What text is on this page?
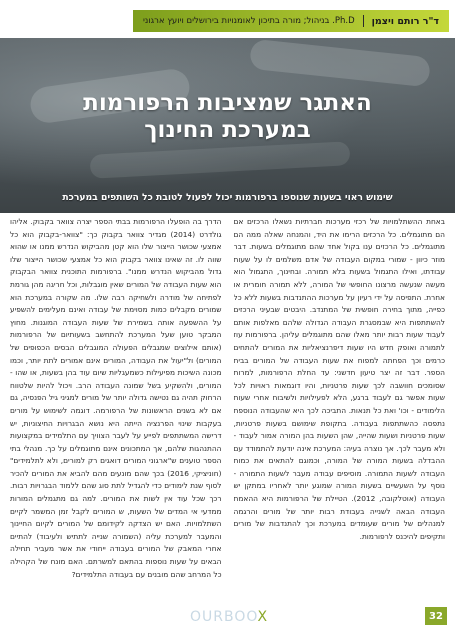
ד"ר רותם ויצמן
Ph.D. בניהול; מורה בתיכון לאומנויות בירושלים ויועץ ארגוני
האתגר שמציבות הרפורמות
במערכת החינוך
שימוש ראוי בשעות שנוספו ברפורמות יכול לפעול לטובת כל השותפים במערכת

באחת ההשתלמויות של רכזי מערכות חברתיות נשאלו הרכזים אם הם מתוגמלים. כל הרכזים הרימו את היד, והמנחה שאלה ממה הם מתוגמלים. כל הרכזים ענו בקול אחד שהם מתוגמלים בשעות. דבר מוזר כיוון - שמורי במקום העבודה של אדם משלמים לו על שעות עבודתו, ואילו התגמול בשעות בלא תמורה. ובחינוך, התגמול הוא מעשה שנעשה מרצונו החופשי של המורה, ללא תמורה חומרית או אחרת. התפיסה על ידי רעיון על מערכות ההתנדבות בשעות ללא כל כפייה, מתוך בחירה חופשית של המתנדב. היבטים שבעיני הרכזים להשתתפות היא שבמסגרת העבודה הגדולה שלהם מאלפות אותם לעבוד שעות רבות יותר מאלו שהם מתוגמלים עליהן. ברפורמות עוז לתמורה ואופק חדש היו שעות דיפרנציאליות את המורים להתחים כרמים וכך הפחתה למפוח את שעות העבודה של המורים בבית הספר. דבר זה יצר טיעון חדשני: עד החלת הרפורמות, למרות שסומכים חוושבה לכך שעות פרטניות, והיו דוגמאות ראויות לכל שעות אפשר גם לעבוד ברגע, הלא לפעילויות ולשיבוח אחרי שעות הלימודים - וכו' ואת כל תנאות. התביכה לכך היא שהעבודה הנוספת נתפסה כהשתתפות בעבודה. בתקופת שימושם בשעות פרטניות, שעות פרטניות ושעות שהייה, שהן השעות בהן המורה אמור לעבוד - ולא מעבר לכך. אך נוצרה בעיה: המערכת אינה יודעת להתמודד עם ההבדלה בשעות המורה של המורה, וכמוגם להתאים את כמות העבודה לשעות התמורה. מוסיפים עבודה מעבר לשעות התמורה - נוסף על השעשיים בשעות המורה שמוגע יותר לאחריו במתקן יש העבודה (אוטלקובה, 2012). הטיילת של הרפורמות היא ההאמת העבודה הבאה לשנייה בעבודת רבות יותר של מורים והרגמה למנהלים של מורים שעומדים במערכת וכך להתנדבות של מורים ותקיפים להיכנס לרפורמות.

הדרך בה הופעלו הרפורמות בבתי הספר יצרה צוואר בקבוק. אליהו גולדרט (2014) מגדיר צוואר בקבוק כך: "צוואר-בקבוק הוא כל אמצעי שכושר הייצור שלו הוא קטן מהביקוש הנדרש ממנו או שהוא שווה לו. זה שאינו צוואר בקבוק הוא כל אמצעי שכושר הייצור שלו גדול מהביקוש הנדרש ממנו". ברפורמות התוכנית צוואר הבקבוק הוא שעות העבודה של המורים שאין מוגבלות, וכל חריגה מהן גורמת לפתיחה של מודרה ולשחיקה רבה שלו. מה שקורה במערכת הוא שמורים מקבלים כמות מסוימת של עבודה ואינם מעלימים להשפיע על ההשפעה אותה בשמירת של שעות העבודה המוגנות. מחוץ המבקר טוען שעל המערכת להתחשב בשעותיום של הרפורמות (אותם אילוצים שמגבלים הפעולה המוגבלים הבסים הכפופים של המורים) ול"יעול את העבודה, המורים אינם אמורים לתת יותר, וכמו מכונה השיכות מפיעילות כשמעגליות שיום עוד בהן בשעות, או שהו - המורים, ולהשקיע בשל שמונה העבודה הרב. ויכול להיות שלטווח הרחוק תהיה גם נטישה גדולה יותר של מורים למגיני גיל הפנסיה, גם אם לא בשנים הראשונות של הרפורמה. דוגמה לשימוש על מורים בעקבות שינוי הפרנציה הייתה היא נושא הבגרויות החיצוניות, יש דרישה המשתתפים לפייע על לעבר הצוויך עם התלמידים במקצועות ההתנהגות שלהם, אך המתכונים אינם מתוגמלים על כך. מנהלי בתי הספר טוענים ש"ארגוני המורים דואגים רק למורים, ולא לתלמידים" (חוניציקי, 2016) בכך שהם מונעים מהם להביא את המורים להכיר לסוף שנת לימודים כדי להגדיל לתת סוג שהם ללמוד הבגרויות רבות. רכך שכל עוד אין לשות את המורים. למה גם מתגמלים המורות ממדעי אי המדים של השעות, ש המורים לקבל זמן המשמר לקיים השתלמויות. האם יש הצדקה לקידומם של המורים לקיום החיינוך והמעבר למערכת עליה (השמורה שנייה לתתיש ולעיבוד) להתיים אחרי המאבק של המורים בעבודה ייחודי את אשר מעביר תחילה הבאים על שעות נוספות בהתאם למשרתם. האם מונח של הקהילה כל המרחב שהם מובנים עם בעבודה התלמידים?

OURBOOX	32
